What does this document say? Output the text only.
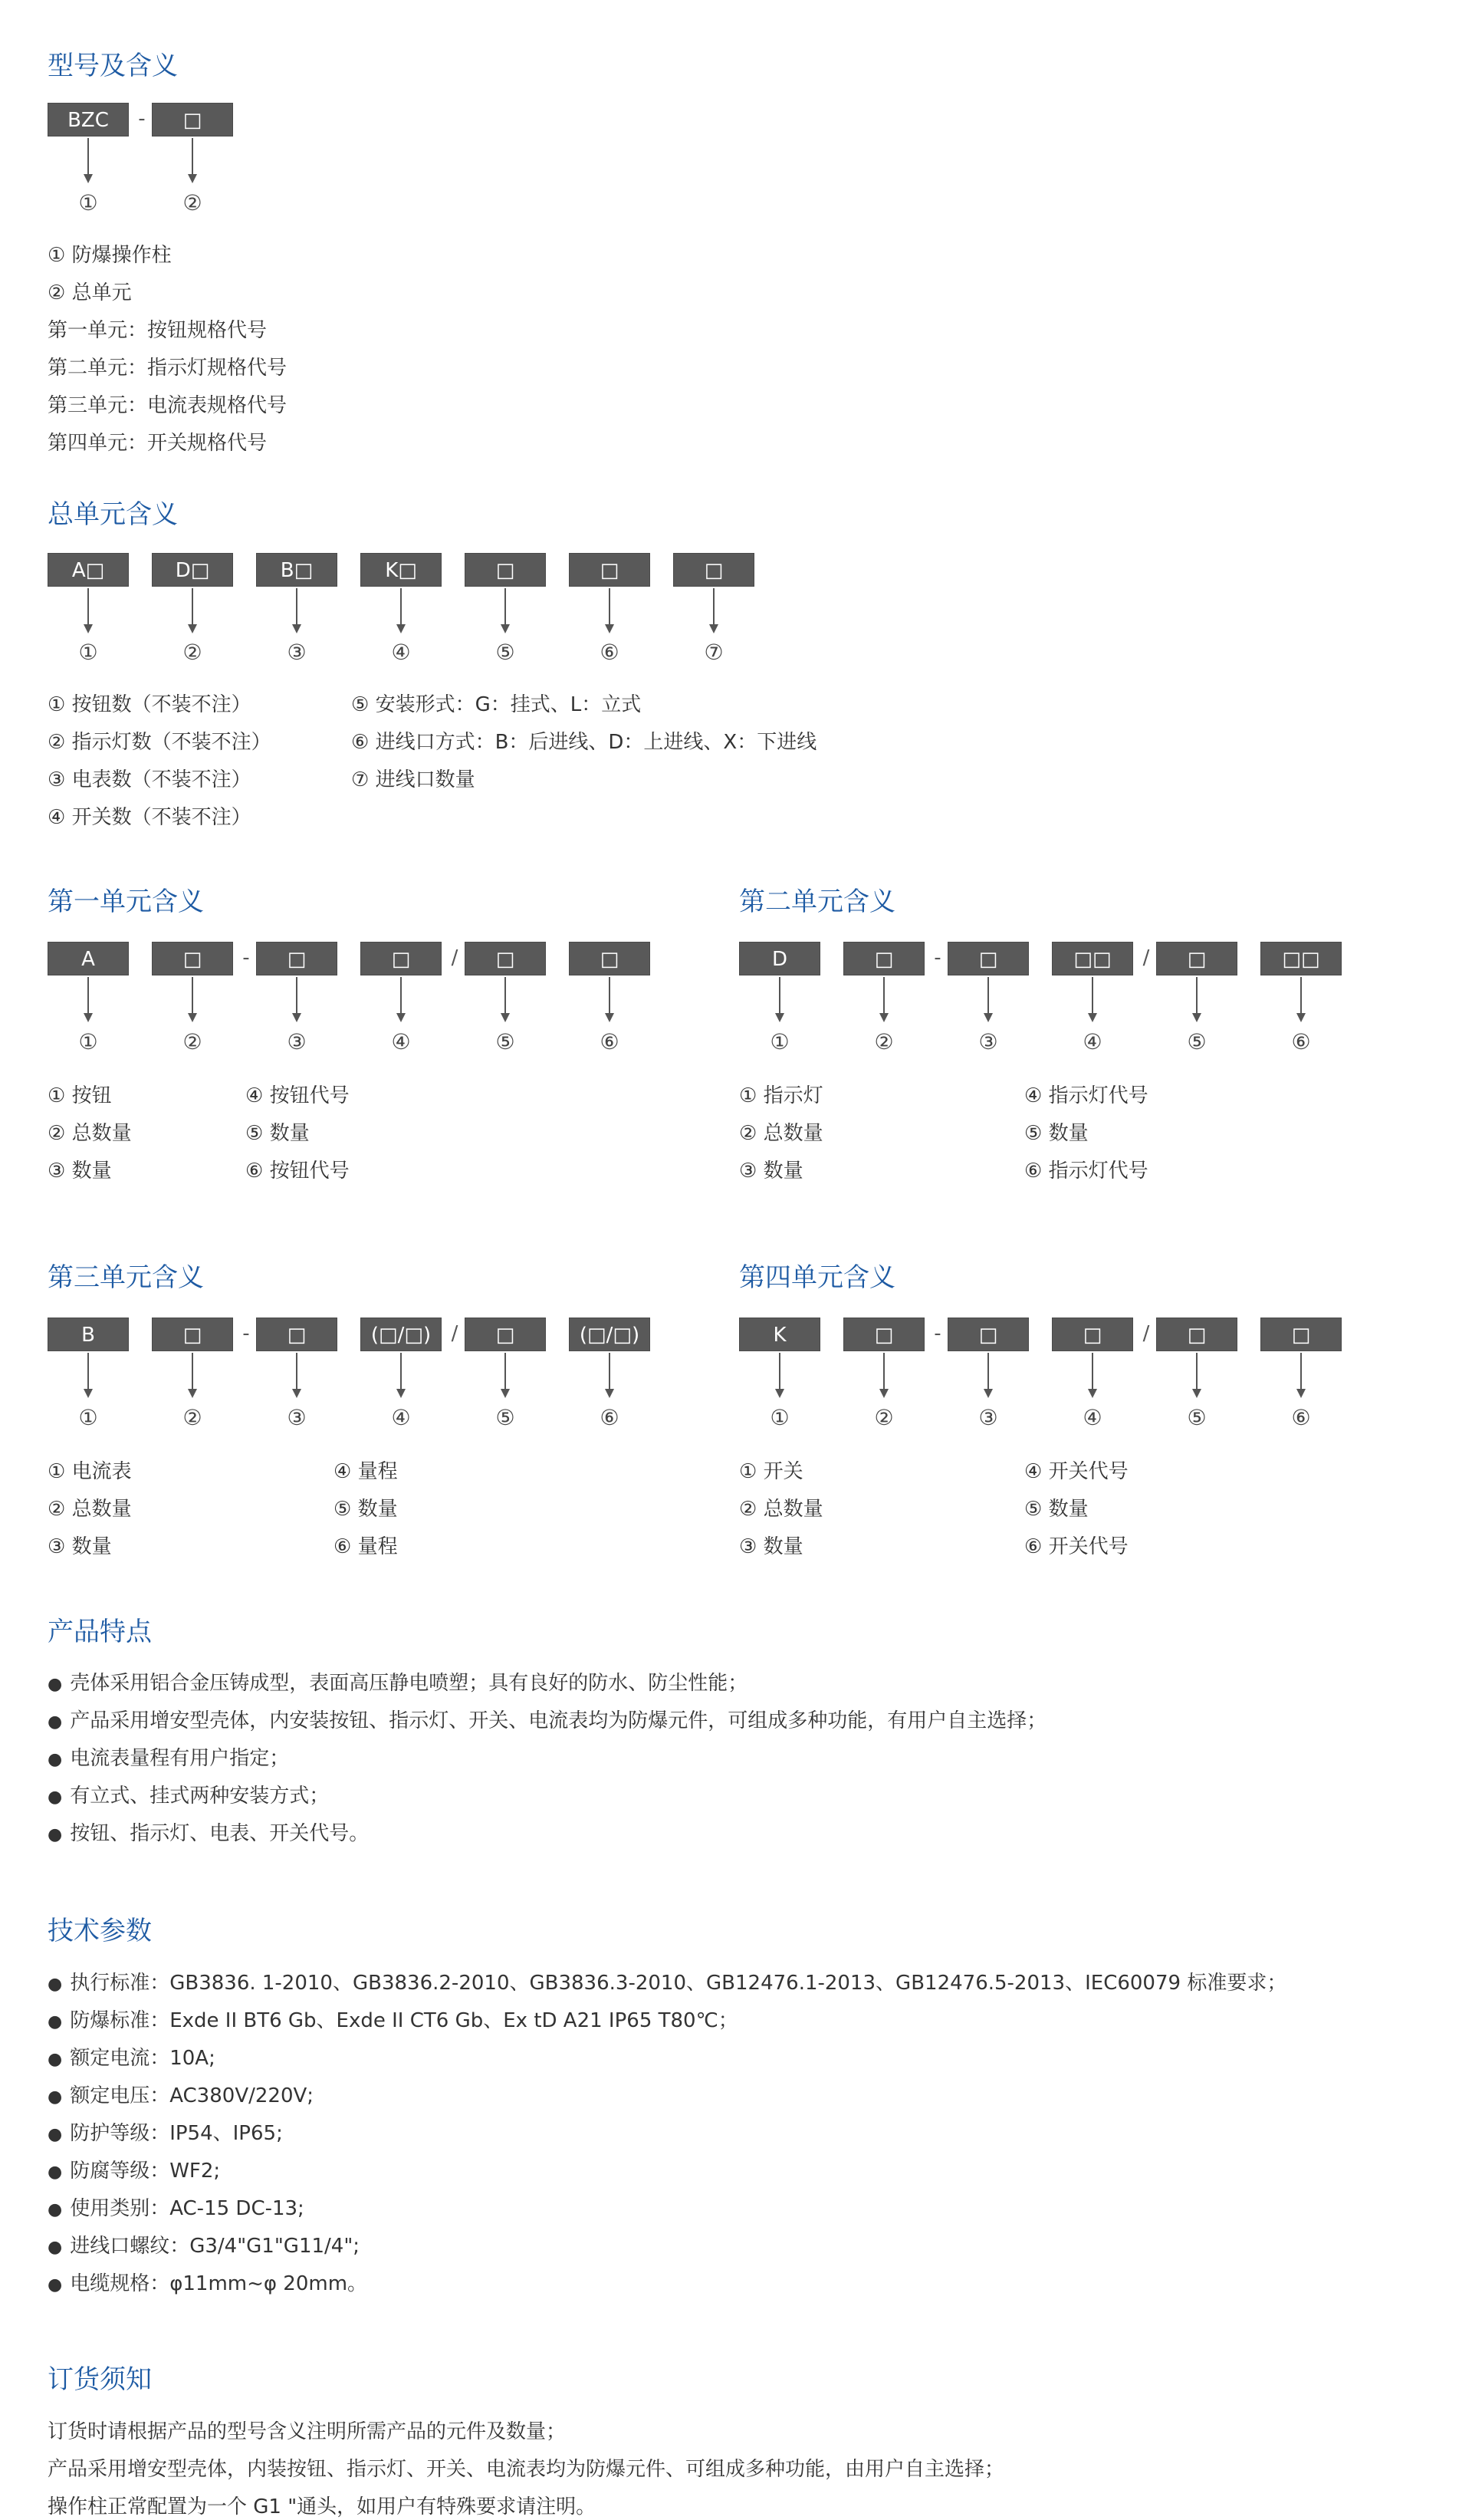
型号及含义
BZC	-	□
①	②
① 防爆操作柱
② 总单元
第一单元：按钮规格代号
第二单元：指示灯规格代号
第三单元：电流表规格代号
第四单元：开关规格代号
总单元含义
A□	D□	B□	K□	□	□	□
①	②	③	④	⑤	⑥	⑦
① 按钮数（不装不注）
② 指示灯数（不装不注）
③ 电表数（不装不注）
④ 开关数（不装不注）
⑤ 安装形式：G：挂式、L：立式
⑥ 进线口方式：B：后进线、D：上进线、X：下进线
⑦ 进线口数量
第一单元含义
A	□	-	□	□	/	□	□
①	②	③	④	⑤	⑥
① 按钮
② 总数量
③ 数量
④ 按钮代号
⑤ 数量
⑥ 按钮代号
第二单元含义
D	□	-	□	□□	/	□	□□
①	②	③	④	⑤	⑥
① 指示灯
② 总数量
③ 数量
④ 指示灯代号
⑤ 数量
⑥ 指示灯代号
第三单元含义
B	□	-	□	(□/□)	/	□	(□/□)
①	②	③	④	⑤	⑥
① 电流表
② 总数量
③ 数量
④ 量程
⑤ 数量
⑥ 量程
第四单元含义
K	□	-	□	□	/	□	□
①	②	③	④	⑤	⑥
① 开关
② 总数量
③ 数量
④ 开关代号
⑤ 数量
⑥ 开关代号
产品特点
● 壳体采用铝合金压铸成型，表面高压静电喷塑；具有良好的防水、防尘性能；
● 产品采用增安型壳体，内安装按钮、指示灯、开关、电流表均为防爆元件，可组成多种功能，有用户自主选择；
● 电流表量程有用户指定；
● 有立式、挂式两种安装方式；
● 按钮、指示灯、电表、开关代号。
技术参数
● 执行标准：GB3836. 1-2010、GB3836.2-2010、GB3836.3-2010、GB12476.1-2013、GB12476.5-2013、IEC60079 标准要求；
● 防爆标准：Exde II BT6 Gb、Exde II CT6 Gb、Ex tD A21 IP65 T80℃；
● 额定电流：10A;
● 额定电压：AC380V/220V;
● 防护等级：IP54、IP65;
● 防腐等级：WF2;
● 使用类别：AC-15 DC-13;
● 进线口螺纹：G3/4"G1"G11/4";
● 电缆规格：φ11mm~φ 20mm。
订货须知
订货时请根据产品的型号含义注明所需产品的元件及数量；
产品采用增安型壳体，内装按钮、指示灯、开关、电流表均为防爆元件、可组成多种功能，由用户自主选择；
操作柱正常配置为一个 G1 "通头，如用户有特殊要求请注明。
